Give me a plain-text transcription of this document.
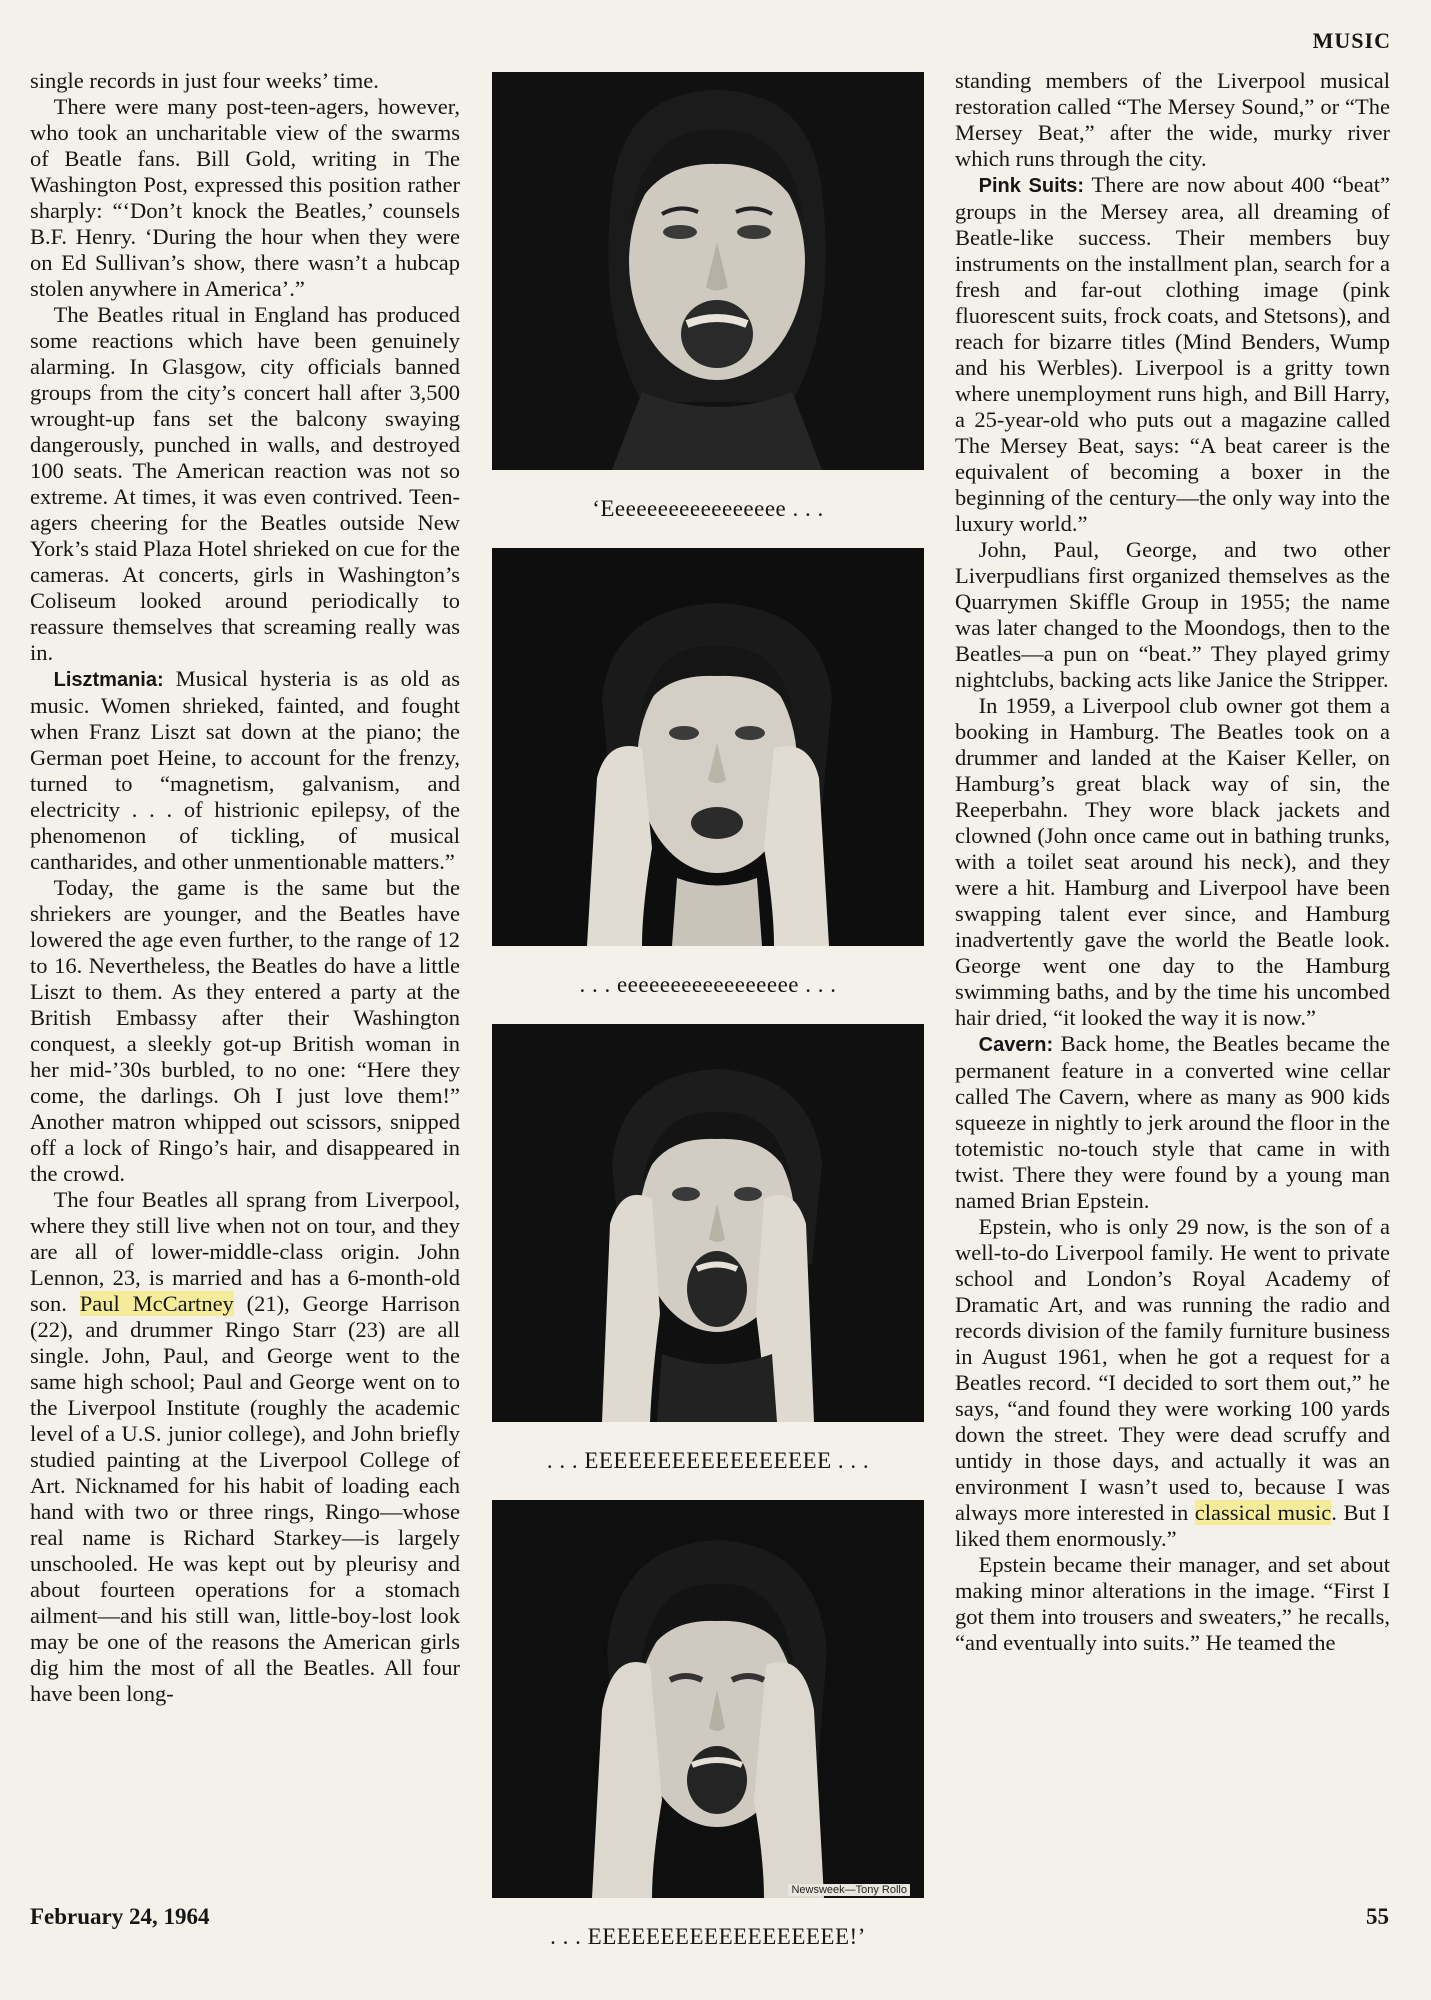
MUSIC

single records in just four weeks’ time.

There were many post-teen-agers, however, who took an uncharitable view of the swarms of Beatle fans. Bill Gold, writing in The Washington Post, expressed this position rather sharply: “‘Don’t knock the Beatles,’ counsels B.F. Henry. ‘During the hour when they were on Ed Sullivan’s show, there wasn’t a hubcap stolen anywhere in America’.”

The Beatles ritual in England has produced some reactions which have been genuinely alarming. In Glasgow, city officials banned groups from the city’s concert hall after 3,500 wrought-up fans set the balcony swaying dangerously, punched in walls, and destroyed 100 seats. The American reaction was not so extreme. At times, it was even contrived. Teen-agers cheering for the Beatles outside New York’s staid Plaza Hotel shrieked on cue for the cameras. At concerts, girls in Washington’s Coliseum looked around periodically to reassure themselves that screaming really was in.

Lisztmania: Musical hysteria is as old as music. Women shrieked, fainted, and fought when Franz Liszt sat down at the piano; the German poet Heine, to account for the frenzy, turned to “magnetism, galvanism, and electricity . . . of histrionic epilepsy, of the phenomenon of tickling, of musical cantharides, and other unmentionable matters.”

Today, the game is the same but the shriekers are younger, and the Beatles have lowered the age even further, to the range of 12 to 16. Nevertheless, the Beatles do have a little Liszt to them. As they entered a party at the British Embassy after their Washington conquest, a sleekly got-up British woman in her mid-’30s burbled, to no one: “Here they come, the darlings. Oh I just love them!” Another matron whipped out scissors, snipped off a lock of Ringo’s hair, and disappeared in the crowd.

The four Beatles all sprang from Liverpool, where they still live when not on tour, and they are all of lower-middle-class origin. John Lennon, 23, is married and has a 6-month-old son. Paul McCartney (21), George Harrison (22), and drummer Ringo Starr (23) are all single. John, Paul, and George went to the same high school; Paul and George went on to the Liverpool Institute (roughly the academic level of a U.S. junior college), and John briefly studied painting at the Liverpool College of Art. Nicknamed for his habit of loading each hand with two or three rings, Ringo—whose real name is Richard Starkey—is largely unschooled. He was kept out by pleurisy and about fourteen operations for a stomach ailment—and his still wan, little-boy-lost look may be one of the reasons the American girls dig him the most of all the Beatles. All four have been long-

‘Eeeeeeeeeeeeeeeee . . .
. . . eeeeeeeeeeeeeeeee . . .
. . . EEEEEEEEEEEEEEEEE . . .
Newsweek—Tony Rollo
. . . EEEEEEEEEEEEEEEEEE!’

standing members of the Liverpool musical restoration called “The Mersey Sound,” or “The Mersey Beat,” after the wide, murky river which runs through the city.

Pink Suits: There are now about 400 “beat” groups in the Mersey area, all dreaming of Beatle-like success. Their members buy instruments on the installment plan, search for a fresh and far-out clothing image (pink fluorescent suits, frock coats, and Stetsons), and reach for bizarre titles (Mind Benders, Wump and his Werbles). Liverpool is a gritty town where unemployment runs high, and Bill Harry, a 25-year-old who puts out a magazine called The Mersey Beat, says: “A beat career is the equivalent of becoming a boxer in the beginning of the century—the only way into the luxury world.”

John, Paul, George, and two other Liverpudlians first organized themselves as the Quarrymen Skiffle Group in 1955; the name was later changed to the Moondogs, then to the Beatles—a pun on “beat.” They played grimy nightclubs, backing acts like Janice the Stripper.

In 1959, a Liverpool club owner got them a booking in Hamburg. The Beatles took on a drummer and landed at the Kaiser Keller, on Hamburg’s great black way of sin, the Reeperbahn. They wore black jackets and clowned (John once came out in bathing trunks, with a toilet seat around his neck), and they were a hit. Hamburg and Liverpool have been swapping talent ever since, and Hamburg inadvertently gave the world the Beatle look. George went one day to the Hamburg swimming baths, and by the time his uncombed hair dried, “it looked the way it is now.”

Cavern: Back home, the Beatles became the permanent feature in a converted wine cellar called The Cavern, where as many as 900 kids squeeze in nightly to jerk around the floor in the totemistic no-touch style that came in with twist. There they were found by a young man named Brian Epstein.

Epstein, who is only 29 now, is the son of a well-to-do Liverpool family. He went to private school and London’s Royal Academy of Dramatic Art, and was running the radio and records division of the family furniture business in August 1961, when he got a request for a Beatles record. “I decided to sort them out,” he says, “and found they were working 100 yards down the street. They were dead scruffy and untidy in those days, and actually it was an environment I wasn’t used to, because I was always more interested in classical music. But I liked them enormously.”

Epstein became their manager, and set about making minor alterations in the image. “First I got them into trousers and sweaters,” he recalls, “and eventually into suits.” He teamed the

February 24, 1964	55
